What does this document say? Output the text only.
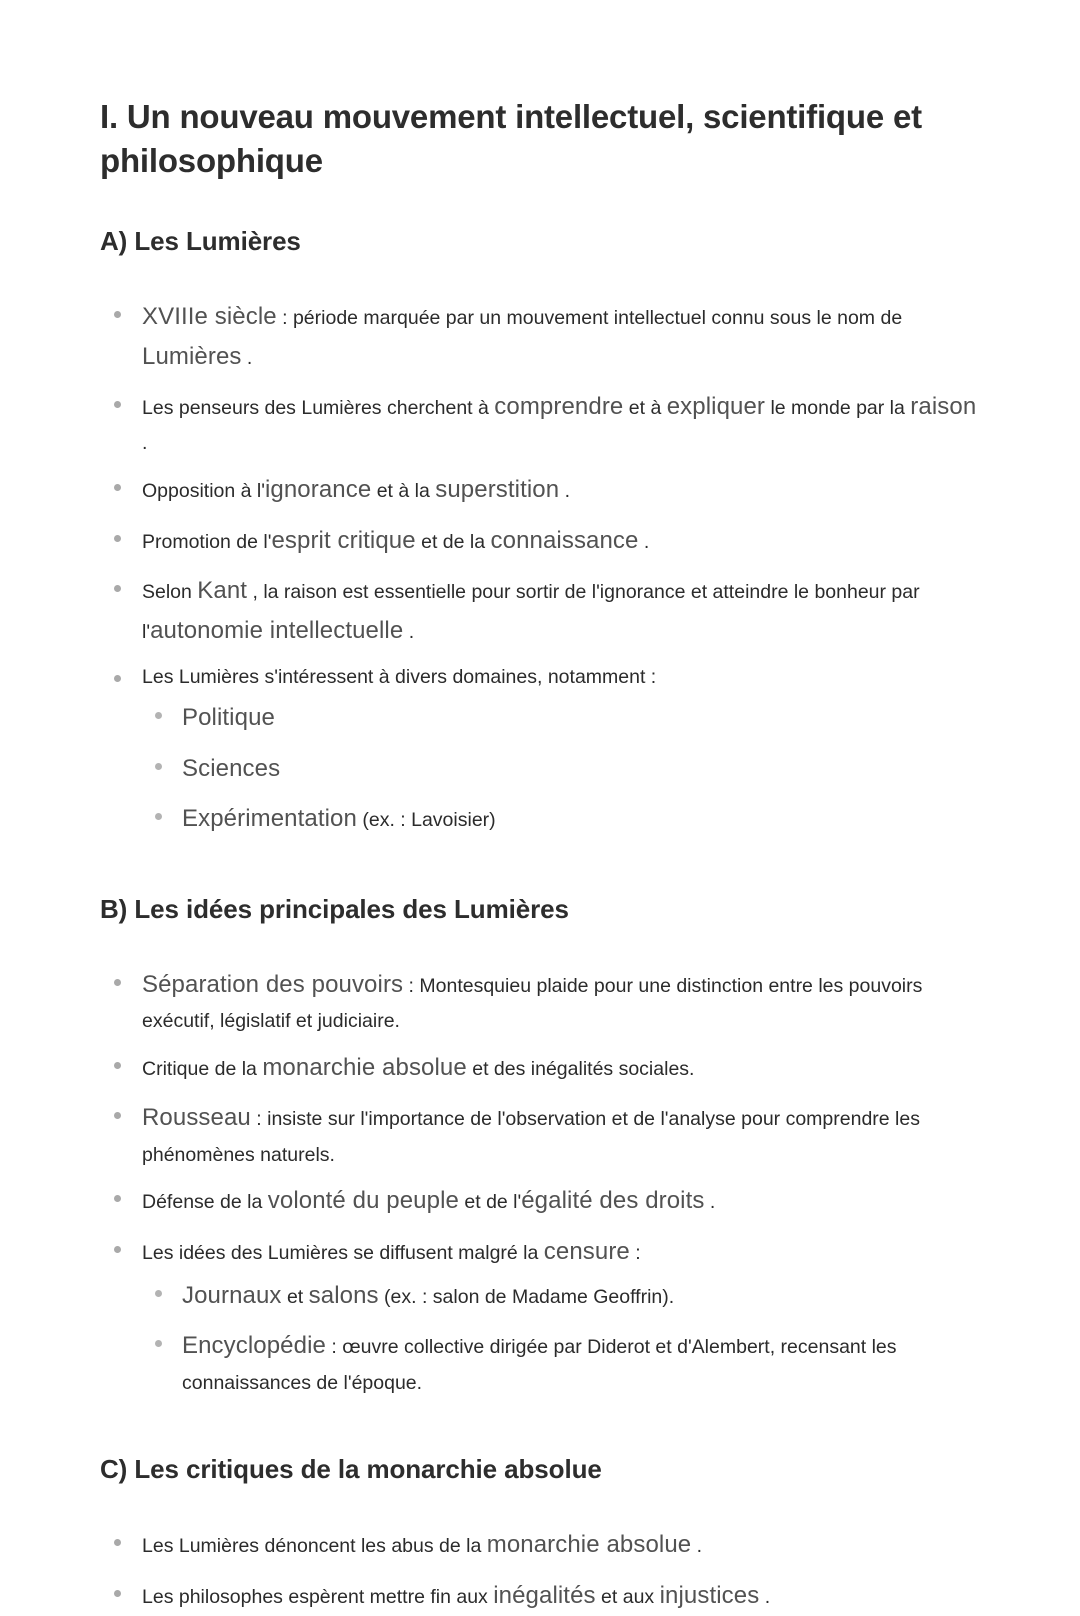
I. Un nouveau mouvement intellectuel, scientifique et philosophique
A) Les Lumières
XVIIIe siècle : période marquée par un mouvement intellectuel connu sous le nom de Lumières .
Les penseurs des Lumières cherchent à comprendre et à expliquer le monde par la raison .
Opposition à l'ignorance et à la superstition .
Promotion de l'esprit critique et de la connaissance .
Selon Kant , la raison est essentielle pour sortir de l'ignorance et atteindre le bonheur par l'autonomie intellectuelle .
Les Lumières s'intéressent à divers domaines, notamment :
Politique
Sciences
Expérimentation (ex. : Lavoisier)
B) Les idées principales des Lumières
Séparation des pouvoirs : Montesquieu plaide pour une distinction entre les pouvoirs exécutif, législatif et judiciaire.
Critique de la monarchie absolue et des inégalités sociales.
Rousseau : insiste sur l'importance de l'observation et de l'analyse pour comprendre les phénomènes naturels.
Défense de la volonté du peuple et de l'égalité des droits .
Les idées des Lumières se diffusent malgré la censure :
Journaux et salons (ex. : salon de Madame Geoffrin).
Encyclopédie : œuvre collective dirigée par Diderot et d'Alembert, recensant les connaissances de l'époque.
C) Les critiques de la monarchie absolue
Les Lumières dénoncent les abus de la monarchie absolue .
Les philosophes espèrent mettre fin aux inégalités et aux injustices .
